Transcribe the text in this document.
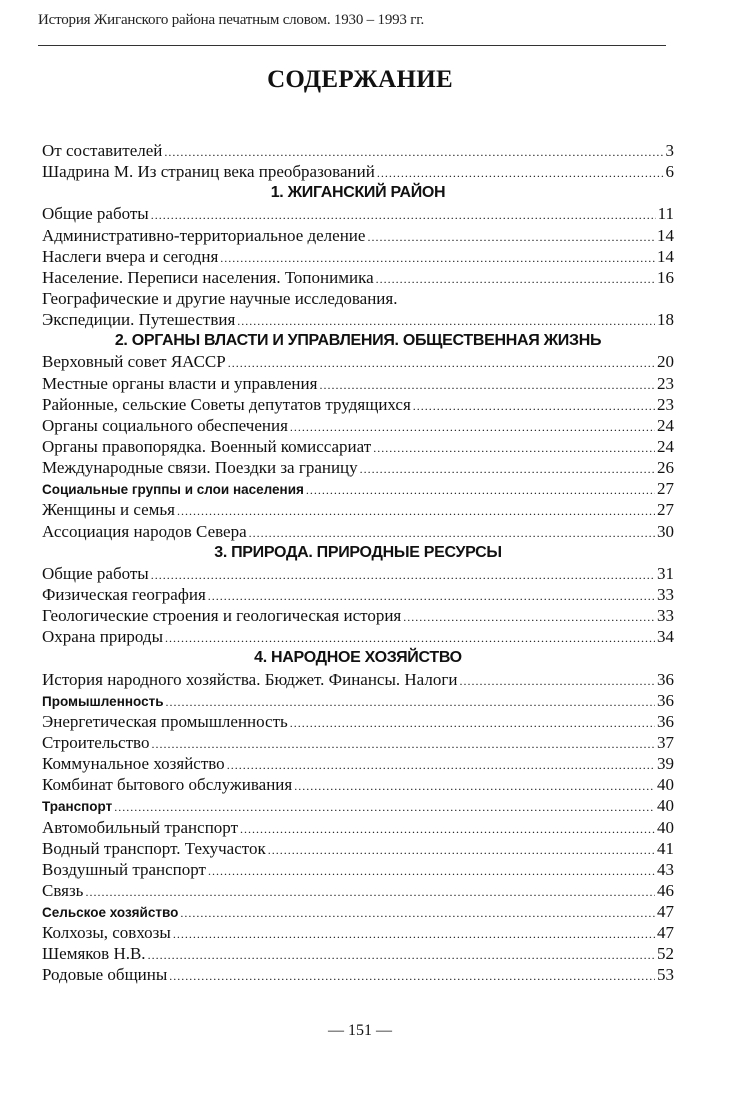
История Жиганского района печатным словом. 1930 – 1993 гг.
СОДЕРЖАНИЕ
От составителей .....	3
Шадрина М. Из страниц века преобразований .....	6
1. ЖИГАНСКИЙ РАЙОН
Общие работы .....	11
Административно-территориальное деление .....	14
Наслеги вчера и сегодня .....	14
Население. Переписи населения. Топонимика .....	16
Географические и другие научные исследования.
Экспедиции. Путешествия .....	18
2. ОРГАНЫ ВЛАСТИ И УПРАВЛЕНИЯ. ОБЩЕСТВЕННАЯ ЖИЗНЬ
Верховный совет ЯАССР .....	20
Местные органы власти и управления .....	23
Районные, сельские Советы депутатов трудящихся .....	23
Органы социального обеспечения .....	24
Органы правопорядка. Военный комиссариат .....	24
Международные связи. Поездки за границу .....	26
Социальные группы и слои населения .....	27
Женщины и семья .....	27
Ассоциация народов Севера .....	30
3. ПРИРОДА. ПРИРОДНЫЕ РЕСУРСЫ
Общие работы .....	31
Физическая география .....	33
Геологические строения и геологическая история .....	33
Охрана природы .....	34
4. НАРОДНОЕ ХОЗЯЙСТВО
История народного хозяйства. Бюджет. Финансы. Налоги .....	36
Промышленность .....	36
Энергетическая промышленность .....	36
Строительство .....	37
Коммунальное хозяйство .....	39
Комбинат бытового обслуживания .....	40
Транспорт .....	40
Автомобильный транспорт .....	40
Водный транспорт. Техучасток .....	41
Воздушный транспорт .....	43
Связь .....	46
Сельское хозяйство .....	47
Колхозы, совхозы .....	47
Шемяков Н.В. .....	52
Родовые общины .....	53
— 151 —
